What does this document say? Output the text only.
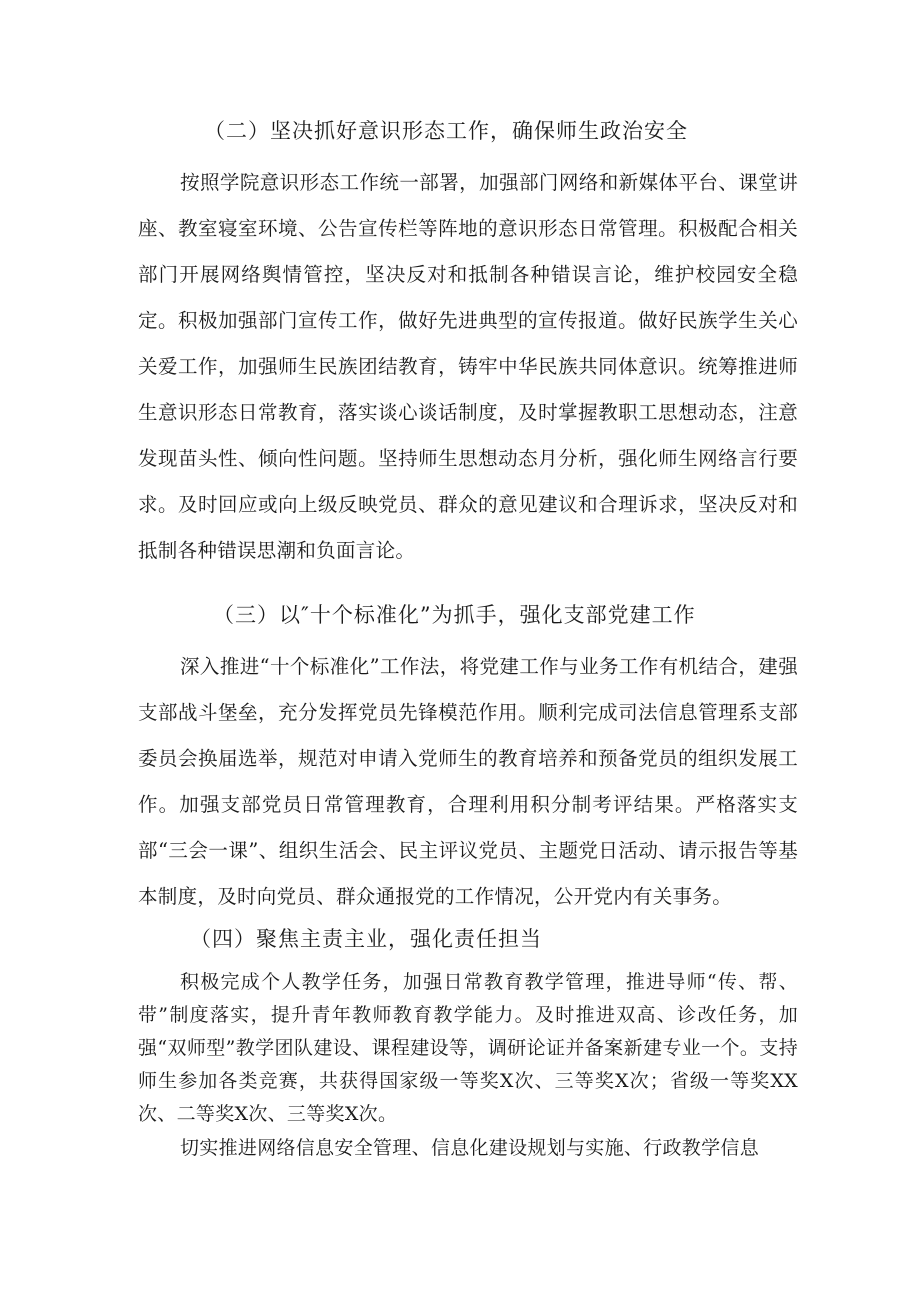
（二）坚决抓好意识形态工作，确保师生政治安全

按照学院意识形态工作统一部署，加强部门网络和新媒体平台、课堂讲座、教室寝室环境、公告宣传栏等阵地的意识形态日常管理。积极配合相关部门开展网络舆情管控，坚决反对和抵制各种错误言论，维护校园安全稳定。积极加强部门宣传工作，做好先进典型的宣传报道。做好民族学生关心关爱工作，加强师生民族团结教育，铸牢中华民族共同体意识。统筹推进师生意识形态日常教育，落实谈心谈话制度，及时掌握教职工思想动态，注意发现苗头性、倾向性问题。坚持师生思想动态月分析，强化师生网络言行要求。及时回应或向上级反映党员、群众的意见建议和合理诉求，坚决反对和抵制各种错误思潮和负面言论。

（三）以″十个标准化”为抓手，强化支部党建工作

深入推进“十个标准化”工作法，将党建工作与业务工作有机结合，建强支部战斗堡垒，充分发挥党员先锋模范作用。顺利完成司法信息管理系支部委员会换届选举，规范对申请入党师生的教育培养和预备党员的组织发展工作。加强支部党员日常管理教育，合理利用积分制考评结果。严格落实支部“三会一课”、组织生活会、民主评议党员、主题党日活动、请示报告等基本制度，及时向党员、群众通报党的工作情况，公开党内有关事务。

（四）聚焦主责主业，强化责任担当

积极完成个人教学任务，加强日常教育教学管理，推进导师“传、帮、带”制度落实，提升青年教师教育教学能力。及时推进双高、诊改任务，加强“双师型”教学团队建设、课程建设等，调研论证并备案新建专业一个。支持师生参加各类竞赛，共获得国家级一等奖X次、三等奖X次；省级一等奖XX次、二等奖X次、三等奖X次。

切实推进网络信息安全管理、信息化建设规划与实施、行政教学信息
